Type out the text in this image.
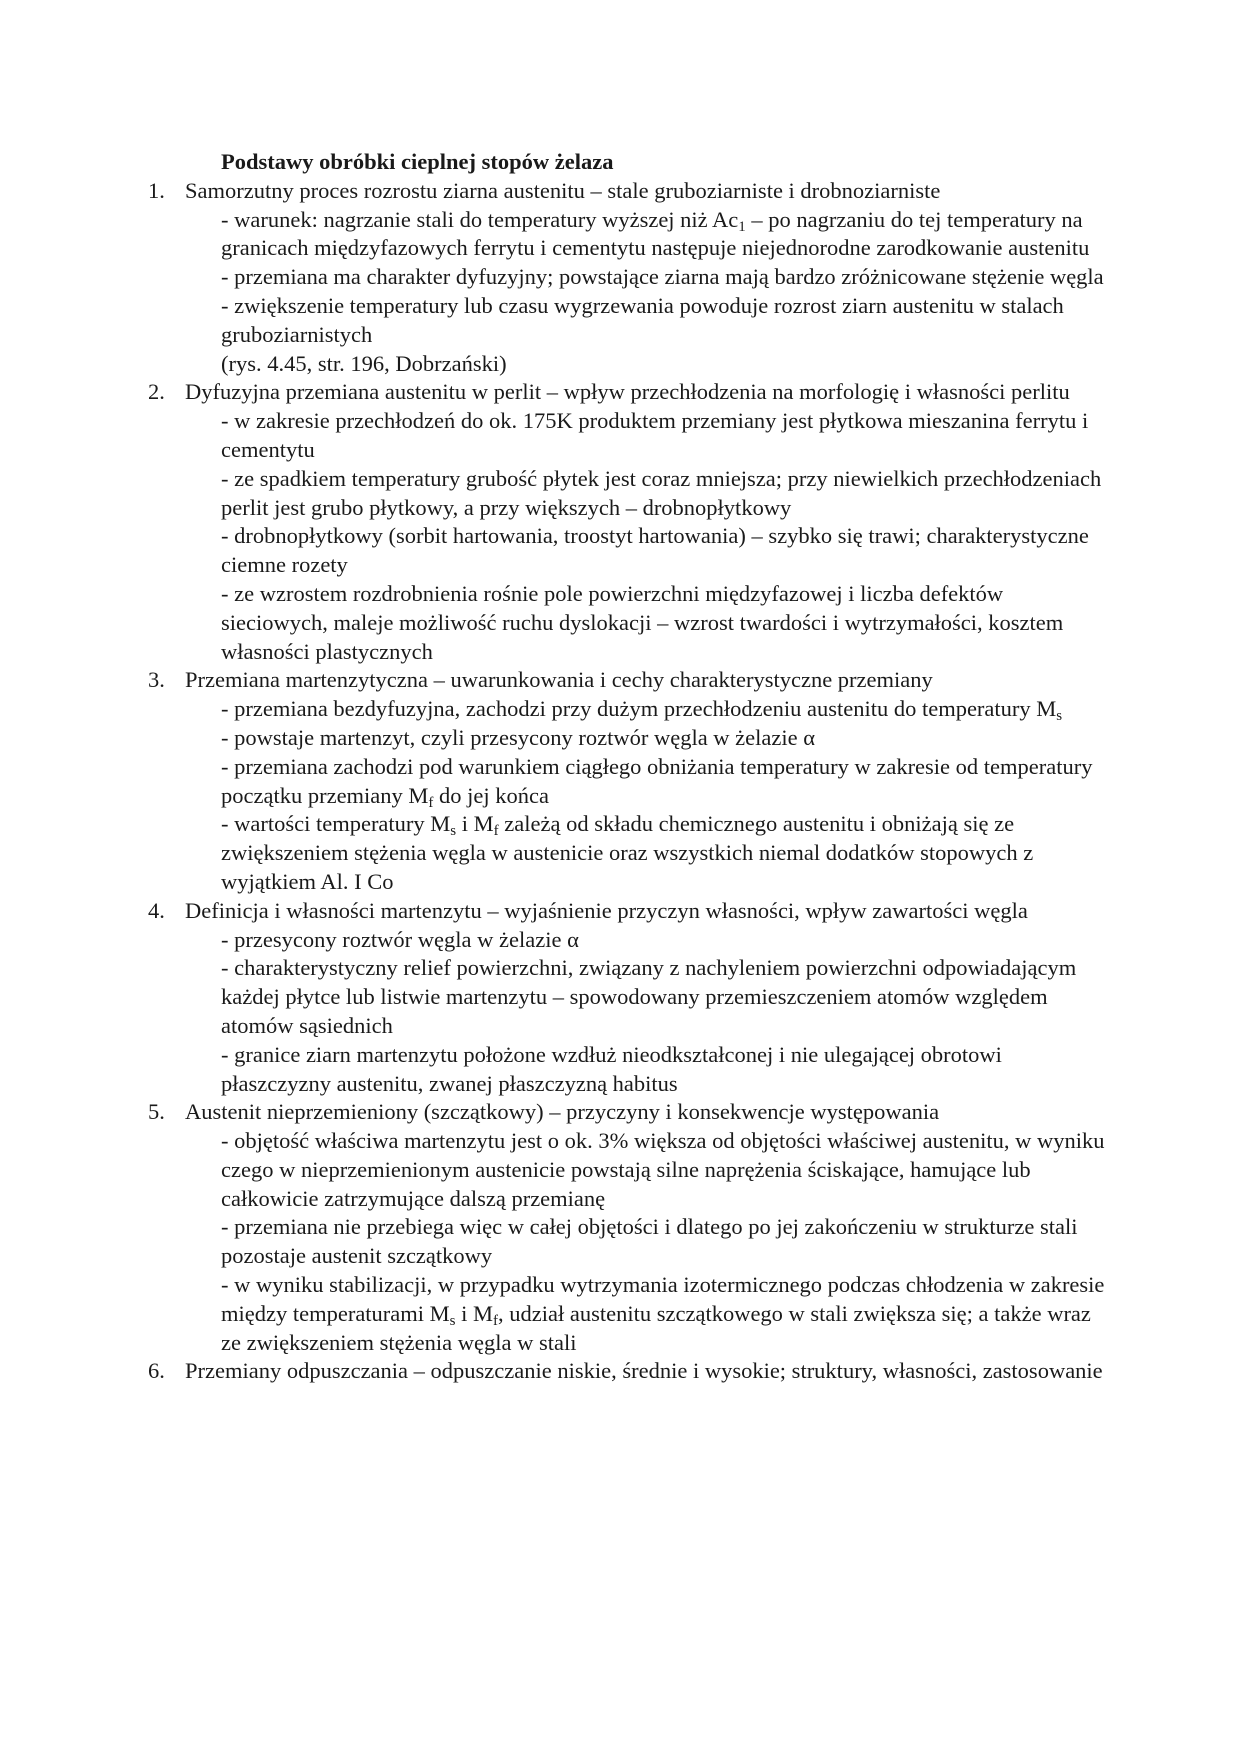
Podstawy obróbki cieplnej stopów żelaza
1. Samorzutny proces rozrostu ziarna austenitu – stale gruboziarniste i drobnoziarniste
- warunek: nagrzanie stali do temperatury wyższej niż $Ac_1$ – po nagrzaniu do tej temperatury na granicach międzyfazowych ferrytu i cementytu następuje niejednorodne zarodkowanie austenitu
- przemiana ma charakter dyfuzyjny; powstające ziarna mają bardzo zróżnicowane stężenie węgla
- zwiększenie temperatury lub czasu wygrzewania powoduje rozrost ziarn austenitu w stalach gruboziarnistych
(rys. 4.45, str. 196, Dobrzański)
2. Dyfuzyjna przemiana austenitu w perlit – wpływ przechłodzenia na morfologię i własności perlitu
- w zakresie przechłodzeń do ok. 175K produktem przemiany jest płytkowa mieszanina ferrytu i cementytu
- ze spadkiem temperatury grubość płytek jest coraz mniejsza; przy niewielkich przechłodzeniach perlit jest grubo płytkowy, a przy większych – drobnopłytkowy
- drobnopłytkowy (sorbit hartowania, troostyt hartowania) – szybko się trawi; charakterystyczne ciemne rozety
- ze wzrostem rozdrobnienia rośnie pole powierzchni międzyfazowej i liczba defektów sieciowych, maleje możliwość ruchu dyslokacji – wzrost twardości i wytrzymałości, kosztem własności plastycznych
3. Przemiana martenzytyczna – uwarunkowania i cechy charakterystyczne przemiany
- przemiana bezdyfuzyjna, zachodzi przy dużym przechłodzeniu austenitu do temperatury $M_s$
- powstaje martenzyt, czyli przesycony roztwór węgla w żelazie α
- przemiana zachodzi pod warunkiem ciągłego obniżania temperatury w zakresie od temperatury początku przemiany $M_f$ do jej końca
- wartości temperatury $M_s$ i $M_f$ zależą od składu chemicznego austenitu i obniżają się ze zwiększeniem stężenia węgla w austenicie oraz wszystkich niemal dodatków stopowych z wyjątkiem Al. I Co
4. Definicja i własności martenzytu – wyjaśnienie przyczyn własności, wpływ zawartości węgla
- przesycony roztwór węgla w żelazie α
- charakterystyczny relief powierzchni, związany z nachyleniem powierzchni odpowiadającym każdej płytce lub listwie martenzytu – spowodowany przemieszczeniem atomów względem atomów sąsiednich
- granice ziarn martenzytu położone wzdłuż nieodkształconej i nie ulegającej obrotowi płaszczyzny austenitu, zwanej płaszczyzną habitus
5. Austenit nieprzemieniony (szczątkowy) – przyczyny i konsekwencje występowania
- objętość właściwa martenzytu jest o ok. 3% większa od objętości właściwej austenitu, w wyniku czego w nieprzemienionym austenicie powstają silne naprężenia ściskające, hamujące lub całkowicie zatrzymujące dalszą przemianę
- przemiana nie przebiega więc w całej objętości i dlatego po jej zakończeniu w strukturze stali pozostaje austenit szczątkowy
- w wyniku stabilizacji, w przypadku wytrzymania izotermicznego podczas chłodzenia w zakresie między temperaturami $M_s$ i $M_f$, udział austenitu szczątkowego w stali zwiększa się; a także wraz ze zwiększeniem stężenia węgla w stali
6. Przemiany odpuszczania – odpuszczanie niskie, średnie i wysokie; struktury, własności, zastosowanie
